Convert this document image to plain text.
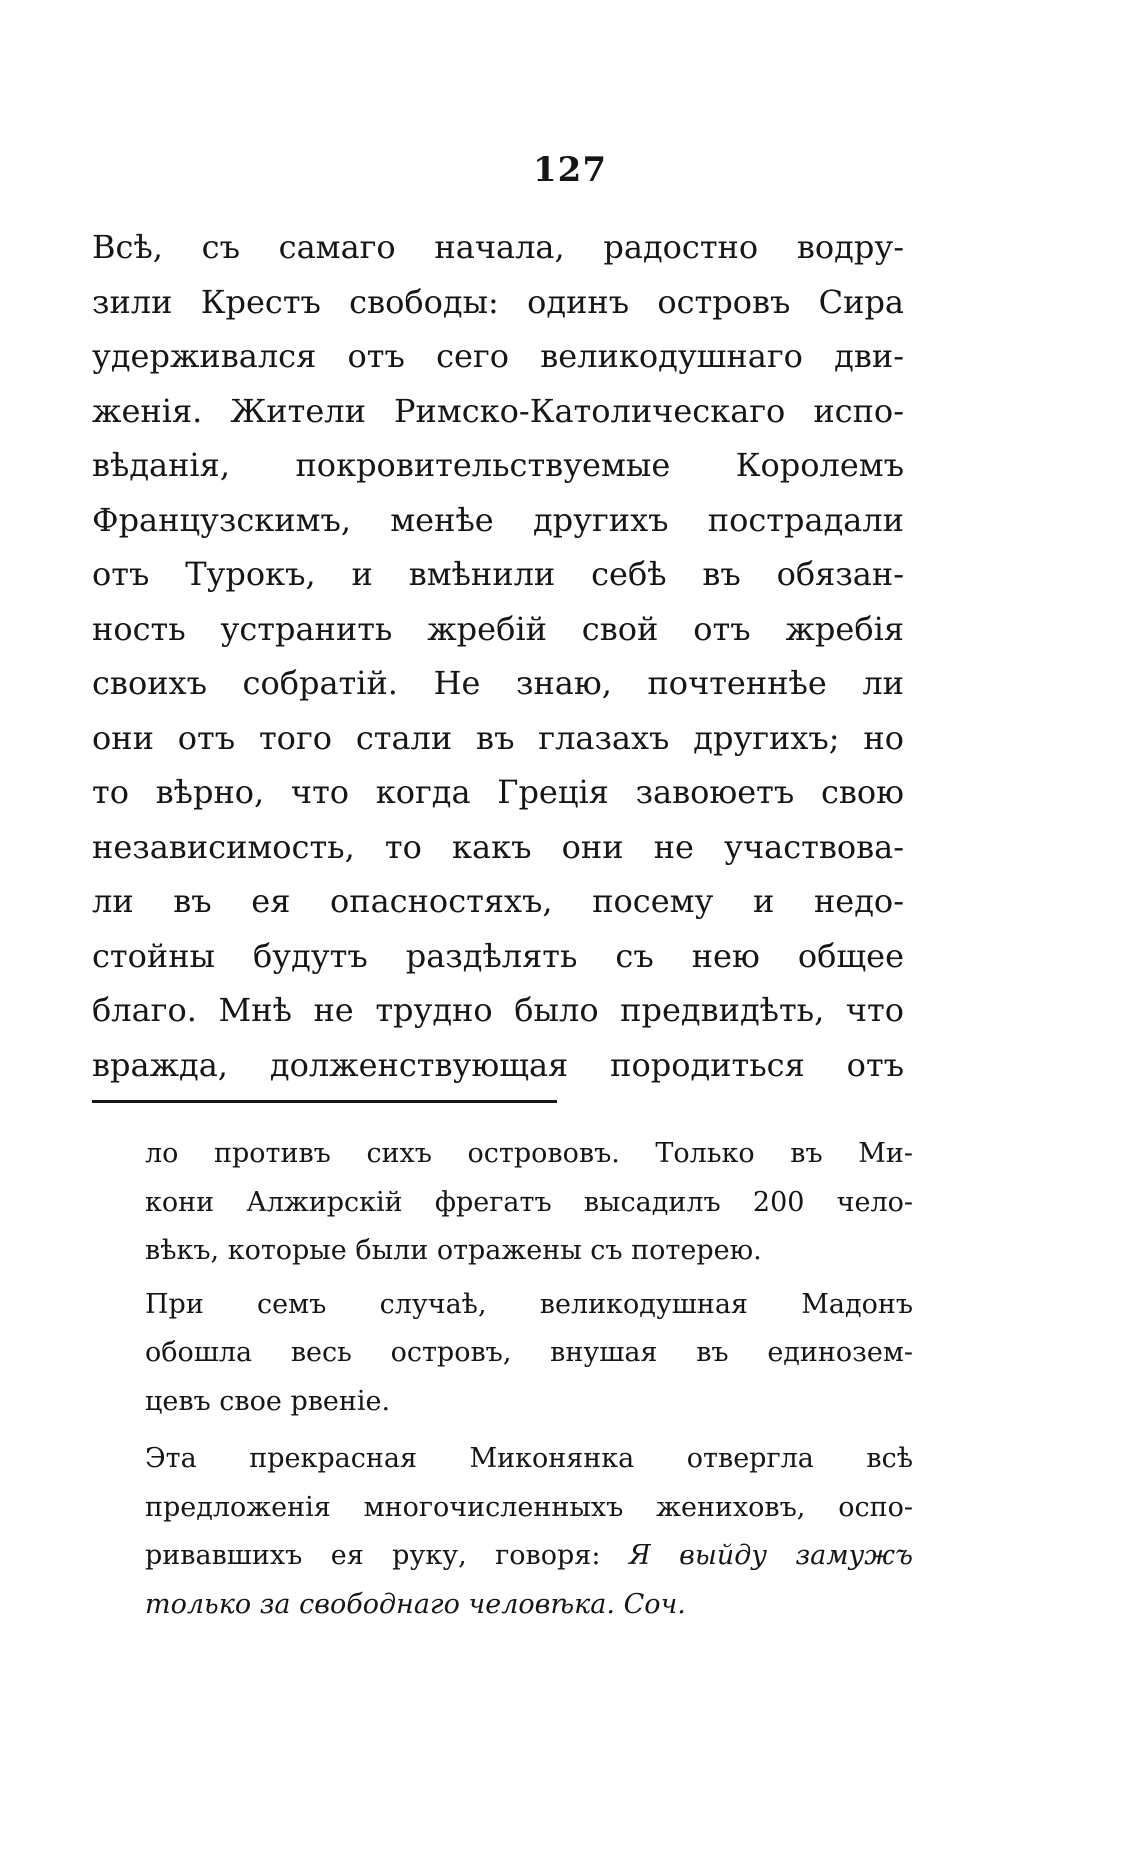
127
Всѣ, съ самаго начала, радостно водру-
зили Крестъ свободы: одинъ островъ Сира
удерживался отъ сего великодушнаго дви-
женія. Жители Римско-Католическаго испо-
вѣданія, покровительствуемые Королемъ
Французскимъ, менѣе другихъ пострадали
отъ Турокъ, и вмѣнили себѣ въ обязан-
ность устранить жребій свой отъ жребія
своихъ собратій. Не знаю, почтеннѣе ли
они отъ того стали въ глазахъ другихъ; но
то вѣрно, что когда Греція завоюетъ свою
независимость, то какъ они не участвова-
ли въ ея опасностяхъ, посему и недо-
стойны будутъ раздѣлять съ нею общее
благо. Мнѣ не трудно было предвидѣть, что
вражда, долженствующая породиться отъ
ло противъ сихъ острововъ. Только въ Ми-
кони Алжирскій фрегатъ высадилъ 200 чело-
вѣкъ, которые были отражены съ потерею.
При семъ случаѣ, великодушная Мадонъ
обошла весь островъ, внушая въ единозем-
цевъ свое рвеніе.
Эта прекрасная Миконянка отвергла всѣ
предложенія многочисленныхъ жениховъ, оспо-
ривавшихъ ея руку, говоря: Я выйду замужъ
только за свободнаго человѣка. Соч.
